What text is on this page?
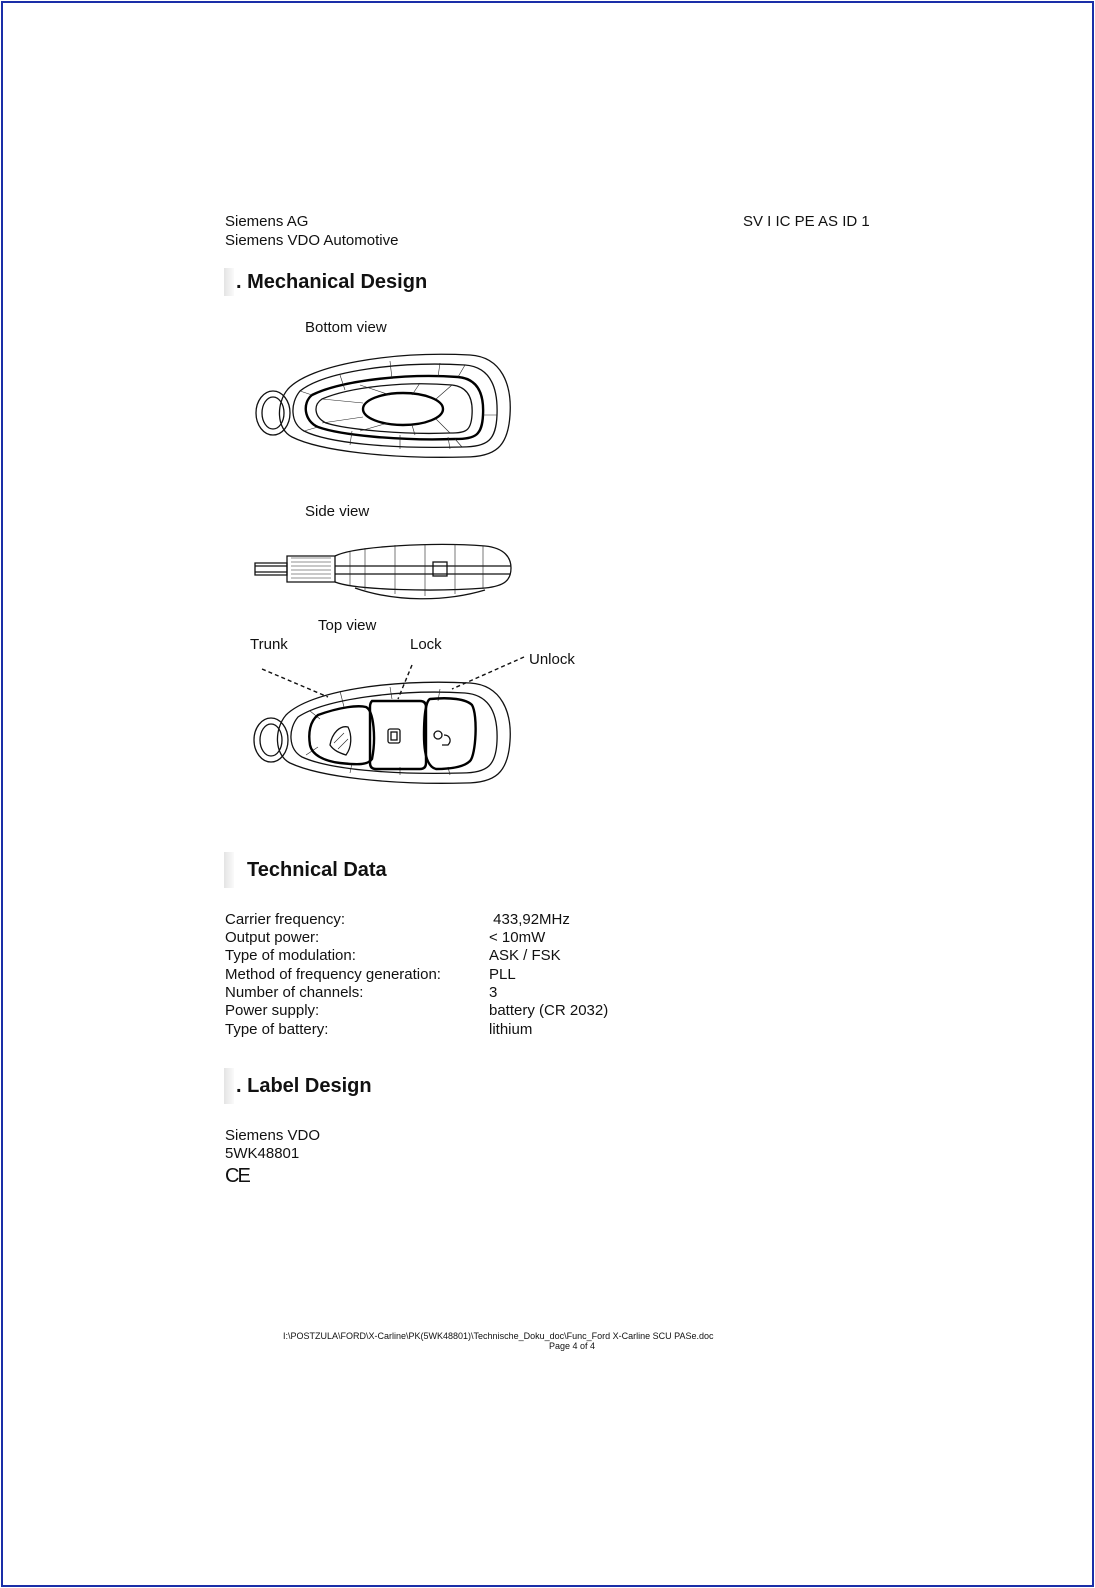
Siemens AG
Siemens VDO Automotive
SV I IC PE AS ID 1
. Mechanical Design
Bottom view
Side view
Top view
Trunk	Lock
Unlock
Technical Data
Carrier frequency:	433,92MHz
Output power:	< 10mW
Type of modulation:	ASK / FSK
Method of frequency generation:	PLL
Number of channels:	3
Power supply:	battery (CR 2032)
Type of battery:	lithium
. Label Design
Siemens VDO
5WK48801
CE
I:\POSTZULA\FORD\X-Carline\PK(5WK48801)\Technische_Doku_doc\Func_Ford X-Carline SCU PASe.doc
Page 4 of 4
